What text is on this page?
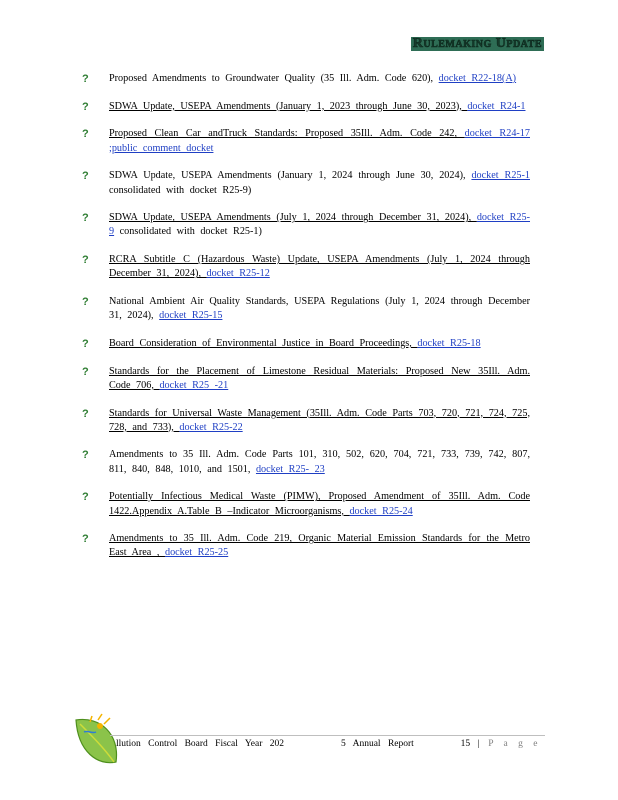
Rulemaking Update
? Proposed Amendments to Groundwater Quality (35 Ill. Adm. Code 620), docket R22-18(A)
? SDWA Update, USEPA Amendments (January 1, 2023 through June 30, 2023), docket R24-1
? Proposed Clean Car andTruck Standards: Proposed 35Ill. Adm. Code 242, docket R24-17 ;public comment docket
? SDWA Update, USEPA Amendments (January 1, 2024 through June 30, 2024), docket R25-1 consolidated with docket R25-9)
? SDWA Update, USEPA Amendments (July 1, 2024 through December 31, 2024), docket R25-9 consolidated with docket R25-1)
? RCRA Subtitle C (Hazardous Waste) Update, USEPA Amendments (July 1, 2024 through December 31, 2024), docket R25-12
? National Ambient Air Quality Standards, USEPA Regulations (July 1, 2024 through December 31, 2024), docket R25-15
? Board Consideration of Environmental Justice in Board Proceedings, docket R25-18
? Standards for the Placement of Limestone Residual Materials: Proposed New 35Ill. Adm. Code 706, docket R25 -21
? Standards for Universal Waste Management (35Ill. Adm. Code Parts 703, 720, 721, 724, 725, 728, and 733), docket R25-22
? Amendments to 35 Ill. Adm. Code Parts 101, 310, 502, 620, 704, 721, 733, 739, 742, 807, 811, 840, 848, 1010, and 1501, docket R25- 23
? Potentially Infectious Medical Waste (PIMW), Proposed Amendment of 35Ill. Adm. Code 1422.Appendix A.Table B –Indicator Microorganisms, docket R25-24
? Amendments to 35 Ill. Adm. Code 219, Organic Material Emission Standards for the Metro East Area , docket R25-25
llution Control Board Fiscal Year 202	5 Annual Report	15 | P a g e
